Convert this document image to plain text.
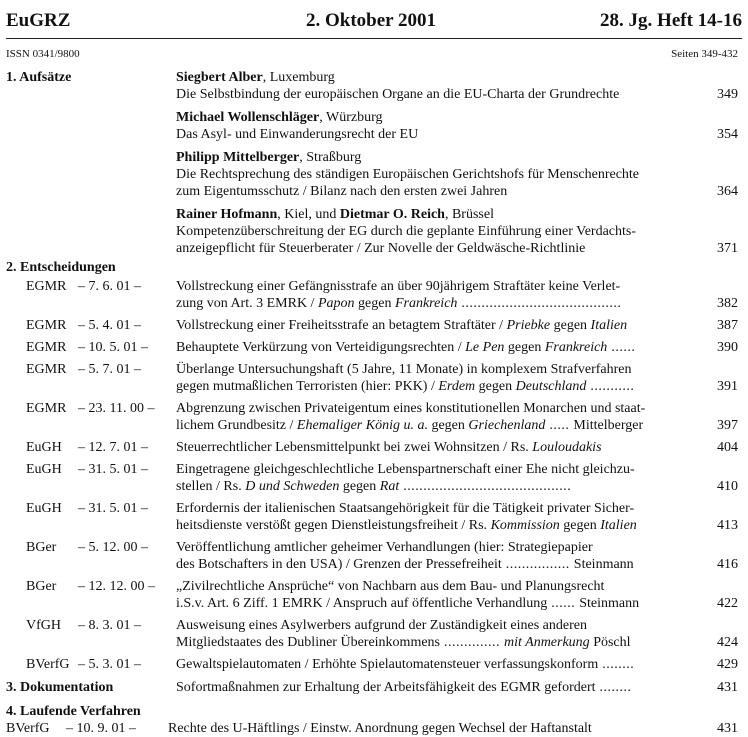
EuGRZ	2. Oktober 2001	28. Jg. Heft 14-16
ISSN 0341/9800	Seiten 349-432
1. Aufsätze	Siegbert Alber, Luxemburg
Die Selbstbindung der europäischen Organe an die EU-Charta der Grundrechte	349
Michael Wollenschläger, Würzburg
Das Asyl- und Einwanderungsrecht der EU	354
Philipp Mittelberger, Straßburg
Die Rechtsprechung des ständigen Europäischen Gerichtshofs für Menschenrechte
zum Eigentumsschutz / Bilanz nach den ersten zwei Jahren	364
Rainer Hofmann, Kiel, und Dietmar O. Reich, Brüssel
Kompetenzüberschreitung der EG durch die geplante Einführung einer Verdachts-
anzeigepflicht für Steuerberater / Zur Novelle der Geldwäsche-Richtlinie	371
2. Entscheidungen
EGMR – 7. 6. 01 –	Vollstreckung einer Gefängnisstrafe an über 90jährigem Straftäter keine Verlet-
zung von Art. 3 EMRK / Papon gegen Frankreich ........................................	382
EGMR – 5. 4. 01 –	Vollstreckung einer Freiheitsstrafe an betagtem Straftäter / Priebke gegen Italien	387
EGMR – 10. 5. 01 –	Behauptete Verkürzung von Verteidigungsrechten / Le Pen gegen Frankreich ......	390
EGMR – 5. 7. 01 –	Überlange Untersuchungshaft (5 Jahre, 11 Monate) in komplexem Strafverfahren
gegen mutmaßlichen Terroristen (hier: PKK) / Erdem gegen Deutschland ...........	391
EGMR – 23. 11. 00 –	Abgrenzung zwischen Privateigentum eines konstitutionellen Monarchen und staat-
lichem Grundbesitz / Ehemaliger König u. a. gegen Griechenland ..... Mittelberger	397
EuGH – 12. 7. 01 –	Steuerrechtlicher Lebensmittelpunkt bei zwei Wohnsitzen / Rs. Louloudakis	404
EuGH – 31. 5. 01 –	Eingetragene gleichgeschlechtliche Lebenspartnerschaft einer Ehe nicht gleichzu-
stellen / Rs. D und Schweden gegen Rat ..........................................	410
EuGH – 31. 5. 01 –	Erfordernis der italienischen Staatsangehörigkeit für die Tätigkeit privater Sicher-
heitsdienste verstößt gegen Dienstleistungsfreiheit / Rs. Kommission gegen Italien	413
BGer – 5. 12. 00 –	Veröffentlichung amtlicher geheimer Verhandlungen (hier: Strategiepapier
des Botschafters in den USA) / Grenzen der Pressefreiheit ................ Steinmann	416
BGer – 12. 12. 00 –	„Zivilrechtliche Ansprüche“ von Nachbarn aus dem Bau- und Planungsrecht
i.S.v. Art. 6 Ziff. 1 EMRK / Anspruch auf öffentliche Verhandlung ...... Steinmann	422
VfGH – 8. 3. 01 –	Ausweisung eines Asylwerbers aufgrund der Zuständigkeit eines anderen
Mitgliedstaates des Dubliner Übereinkommens .............. mit Anmerkung Pöschl	424
BVerfG – 5. 3. 01 –	Gewaltspielautomaten / Erhöhte Spielautomatensteuer verfassungskonform ........	429
3. Dokumentation	Sofortmaßnahmen zur Erhaltung der Arbeitsfähigkeit des EGMR gefordert ........	431
4. Laufende Verfahren
BVerfG – 10. 9. 01 –	Rechte des U-Häftlings / Einstw. Anordnung gegen Wechsel der Haftanstalt	431
